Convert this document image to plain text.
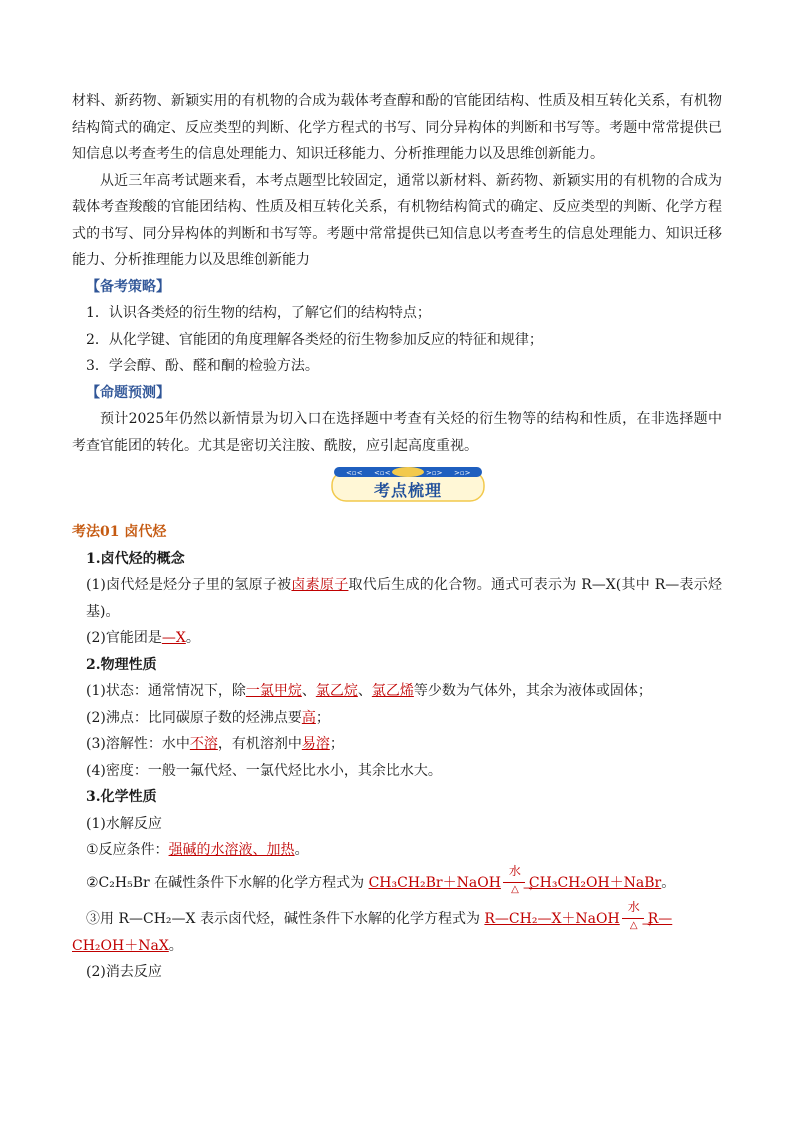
材料、新药物、新颖实用的有机物的合成为载体考查醇和酚的官能团结构、性质及相互转化关系，有机物结构简式的确定、反应类型的判断、化学方程式的书写、同分异构体的判断和书写等。考题中常常提供已知信息以考查考生的信息处理能力、知识迁移能力、分析推理能力以及思维创新能力。

从近三年高考试题来看，本考点题型比较固定，通常以新材料、新药物、新颖实用的有机物的合成为载体考查羧酸的官能团结构、性质及相互转化关系，有机物结构简式的确定、反应类型的判断、化学方程式的书写、同分异构体的判断和书写等。考题中常常提供已知信息以考查考生的信息处理能力、知识迁移能力、分析推理能力以及思维创新能力

【备考策略】

1．认识各类烃的衍生物的结构，了解它们的结构特点；

2．从化学键、官能团的角度理解各类烃的衍生物参加反应的特征和规律；

3．学会醇、酚、醛和酮的检验方法。

【命题预测】

预计2025年仍然以新情景为切入口在选择题中考查有关烃的衍生物等的结构和性质，在非选择题中考查官能团的转化。尤其是密切关注胺、酰胺，应引起高度重视。

<▫< <▫<	>▫> >▫>
考点梳理

考法01 卤代烃

1.卤代烃的概念

(1)卤代烃是烃分子里的氢原子被卤素原子取代后生成的化合物。通式可表示为 R—X(其中 R—表示烃基)。

(2)官能团是—X。

2.物理性质

(1)状态：通常情况下，除一氯甲烷、氯乙烷、氯乙烯等少数为气体外，其余为液体或固体；

(2)沸点：比同碳原子数的烃沸点要高；

(3)溶解性：水中不溶，有机溶剂中易溶；

(4)密度：一般一氟代烃、一氯代烃比水小，其余比水大。

3.化学性质

(1)水解反应

①反应条件：强碱的水溶液、加热。

②C₂H₅Br 在碱性条件下水解的化学方程式为 CH₃CH₂Br＋NaOH
水
△ →
CH₃CH₂OH＋NaBr。

③用 R—CH₂—X 表示卤代烃，碱性条件下水解的化学方程式为 R—CH₂—X＋NaOH
水
△ →
R—

CH₂OH＋NaX。

(2)消去反应
